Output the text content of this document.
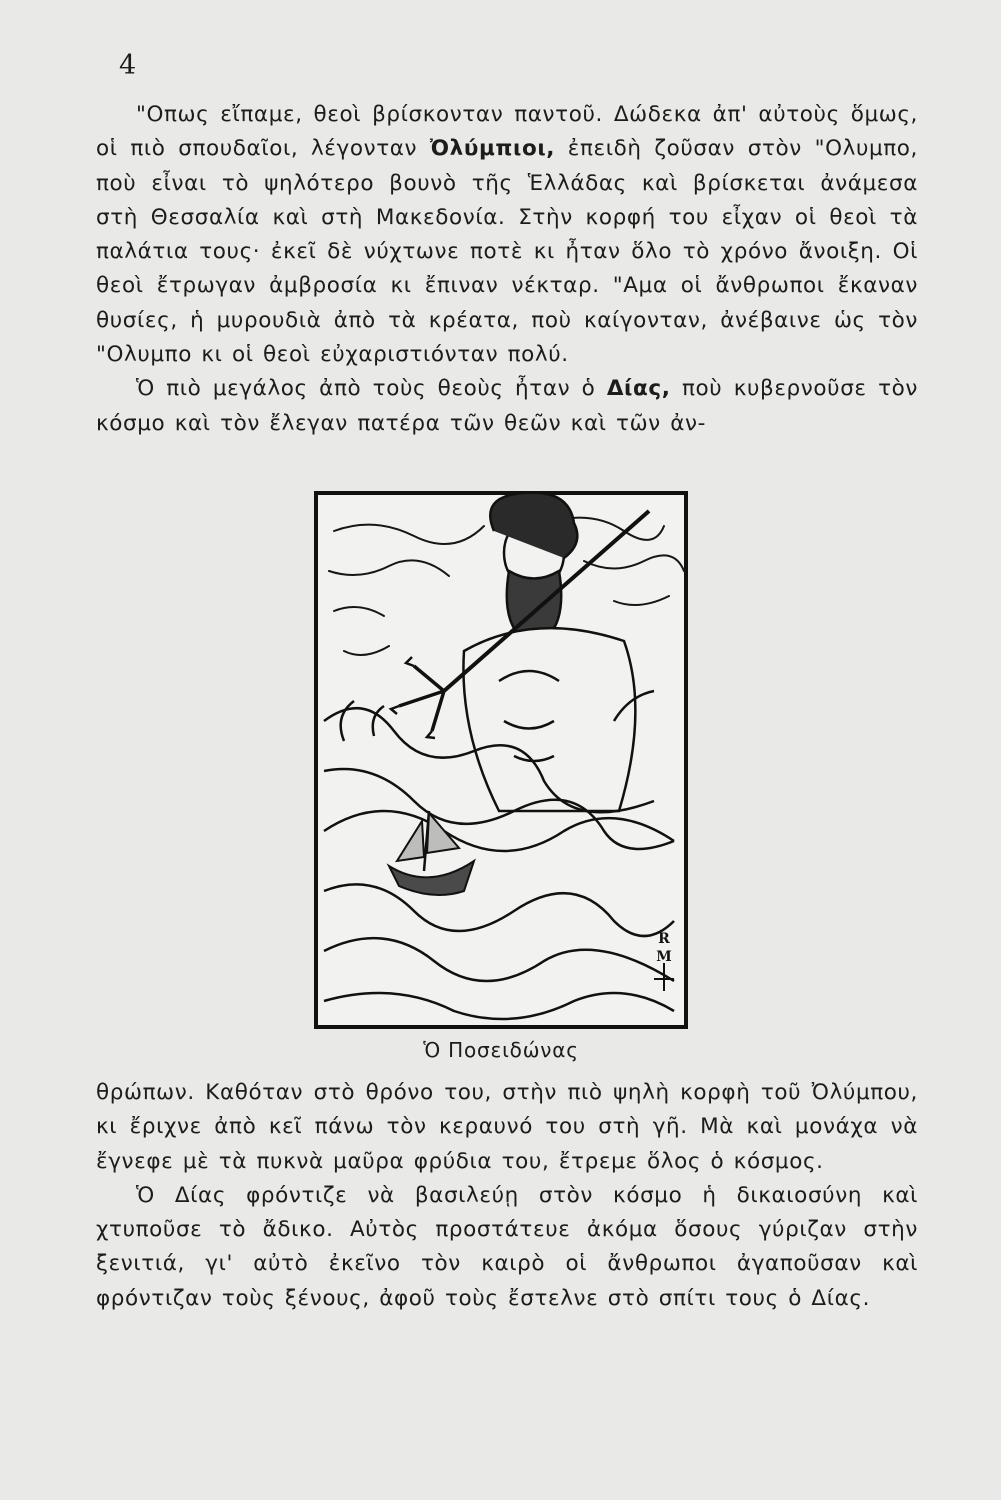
4

"Οπως εἴπαμε, θεοὶ βρίσκονταν παντοῦ. Δώδεκα ἀπ' αὐτοὺς ὅμως, οἱ πιὸ σπουδαῖοι, λέγονταν Ὀλύμπιοι, ἐπειδὴ ζοῦσαν στὸν "Ολυμπο, ποὺ εἶναι τὸ ψηλότερο βουνὸ τῆς Ἑλλάδας καὶ βρίσκεται ἀνάμεσα στὴ Θεσσαλία καὶ στὴ Μακεδονία. Στὴν κορφή του εἶχαν οἱ θεοὶ τὰ παλάτια τους· ἐκεῖ δὲ νύχτωνε ποτὲ κι ἦταν ὅλο τὸ χρόνο ἄνοιξη. Οἱ θεοὶ ἔτρωγαν ἀμβροσία κι ἔπιναν νέκταρ. "Αμα οἱ ἄνθρωποι ἔκαναν θυσίες, ἡ μυρουδιὰ ἀπὸ τὰ κρέατα, ποὺ καίγονταν, ἀνέβαινε ὡς τὸν "Ολυμπο κι οἱ θεοὶ εὐχαριστιόνταν πολύ.

Ὁ πιὸ μεγάλος ἀπὸ τοὺς θεοὺς ἦταν ὁ Δίας, ποὺ κυβερνοῦσε τὸν κόσμο καὶ τὸν ἔλεγαν πατέρα τῶν θεῶν καὶ τῶν ἀν-

R
M
Ὁ Ποσειδώνας

θρώπων. Καθόταν στὸ θρόνο του, στὴν πιὸ ψηλὴ κορφὴ τοῦ Ὀλύμπου, κι ἔριχνε ἀπὸ κεῖ πάνω τὸν κεραυνό του στὴ γῆ. Μὰ καὶ μονάχα νὰ ἔγνεφε μὲ τὰ πυκνὰ μαῦρα φρύδια του, ἔτρεμε ὅλος ὁ κόσμος.

Ὁ Δίας φρόντιζε νὰ βασιλεύῃ στὸν κόσμο ἡ δικαιοσύνη καὶ χτυποῦσε τὸ ἄδικο. Αὐτὸς προστάτευε ἀκόμα ὅσους γύριζαν στὴν ξενιτιά, γι' αὐτὸ ἐκεῖνο τὸν καιρὸ οἱ ἄνθρωποι ἀγαποῦσαν καὶ φρόντιζαν τοὺς ξένους, ἀφοῦ τοὺς ἔστελνε στὸ σπίτι τους ὁ Δίας.
